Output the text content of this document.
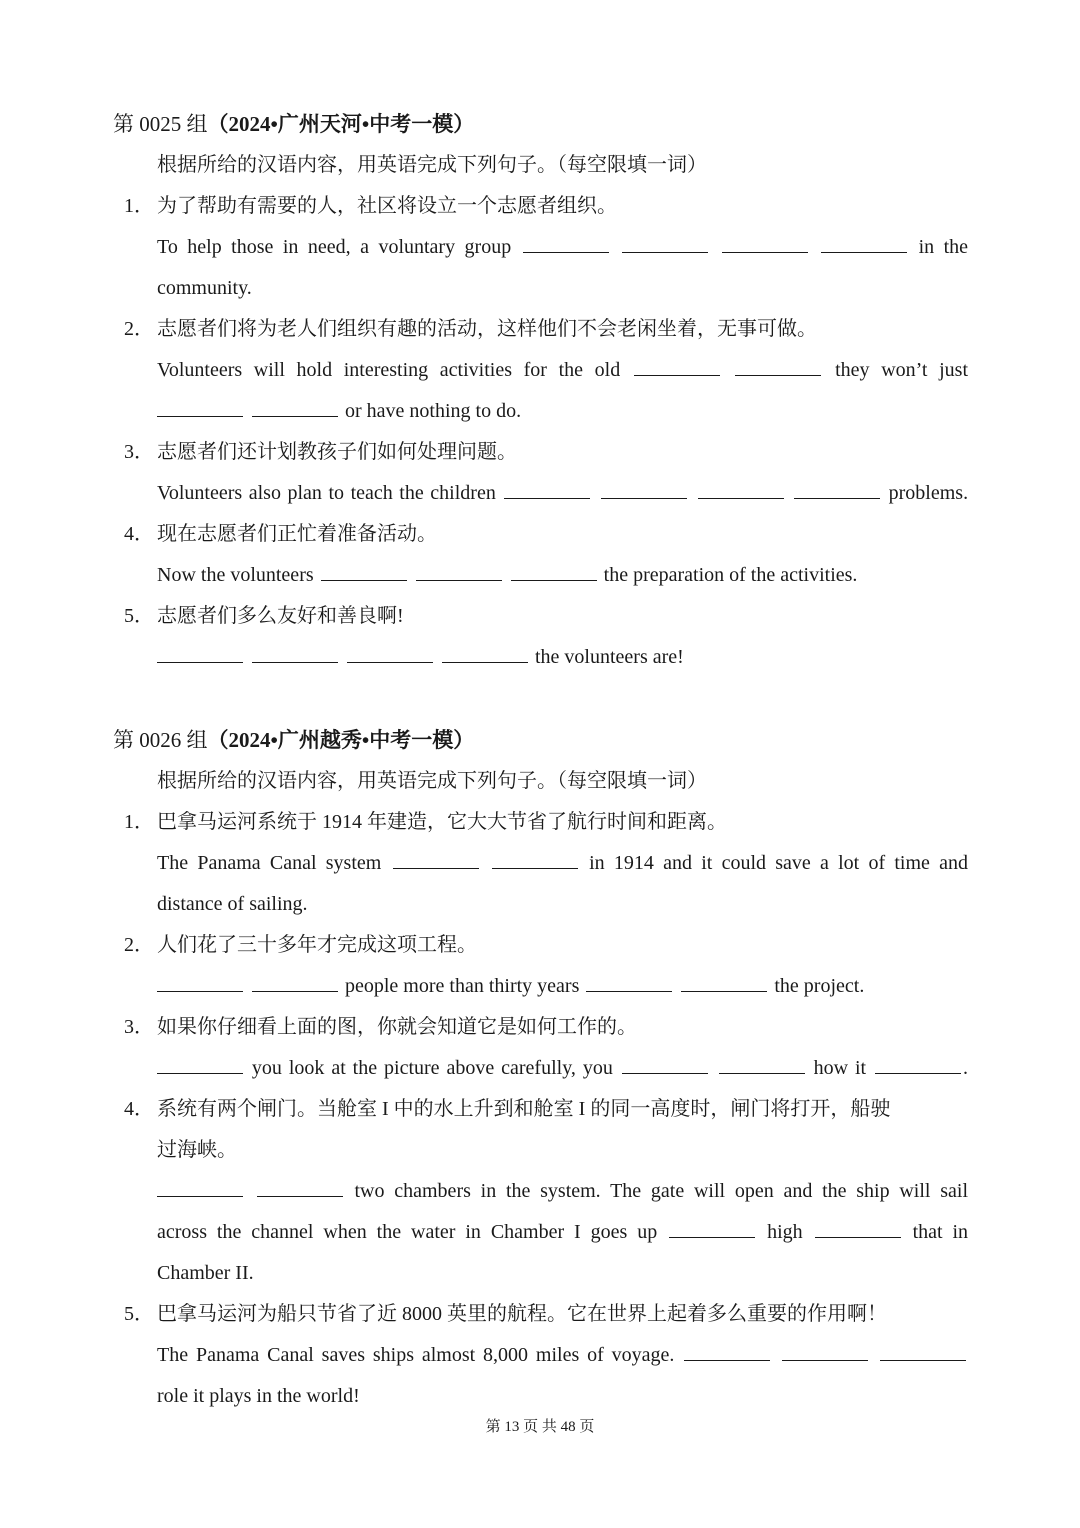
第 0025 组（2024•广州天河•中考一模）
根据所给的汉语内容，用英语完成下列句子。（每空限填一词）
1． 为了帮助有需要的人，社区将设立一个志愿者组织。
To help those in need, a voluntary group	in the
community.
2． 志愿者们将为老人们组织有趣的活动，这样他们不会老闲坐着，无事可做。
Volunteers will hold interesting activities for the old	they won’t just
or have nothing to do.
3． 志愿者们还计划教孩子们如何处理问题。
Volunteers also plan to teach the children	problems.
4． 现在志愿者们正忙着准备活动。
Now the volunteers	the preparation of the activities.
5． 志愿者们多么友好和善良啊!
the volunteers are!
第 0026 组（2024•广州越秀•中考一模）
根据所给的汉语内容，用英语完成下列句子。（每空限填一词）
1． 巴拿马运河系统于 1914 年建造，它大大节省了航行时间和距离。
The Panama Canal system	in 1914 and it could save a lot of time and
distance of sailing.
2． 人们花了三十多年才完成这项工程。
people more than thirty years	the project.
3． 如果你仔细看上面的图，你就会知道它是如何工作的。
you look at the picture above carefully, you	how it	.
4． 系统有两个闸门。当舱室 I 中的水上升到和舱室 I 的同一高度时，闸门将打开，船驶
过海峡。
two chambers in the system. The gate will open and the ship will sail
across the channel when the water in Chamber I goes up	high	that in
Chamber II.
5． 巴拿马运河为船只节省了近 8000 英里的航程。它在世界上起着多么重要的作用啊！
The Panama Canal saves ships almost 8,000 miles of voyage.
role it plays in the world!
第 13 页 共 48 页
